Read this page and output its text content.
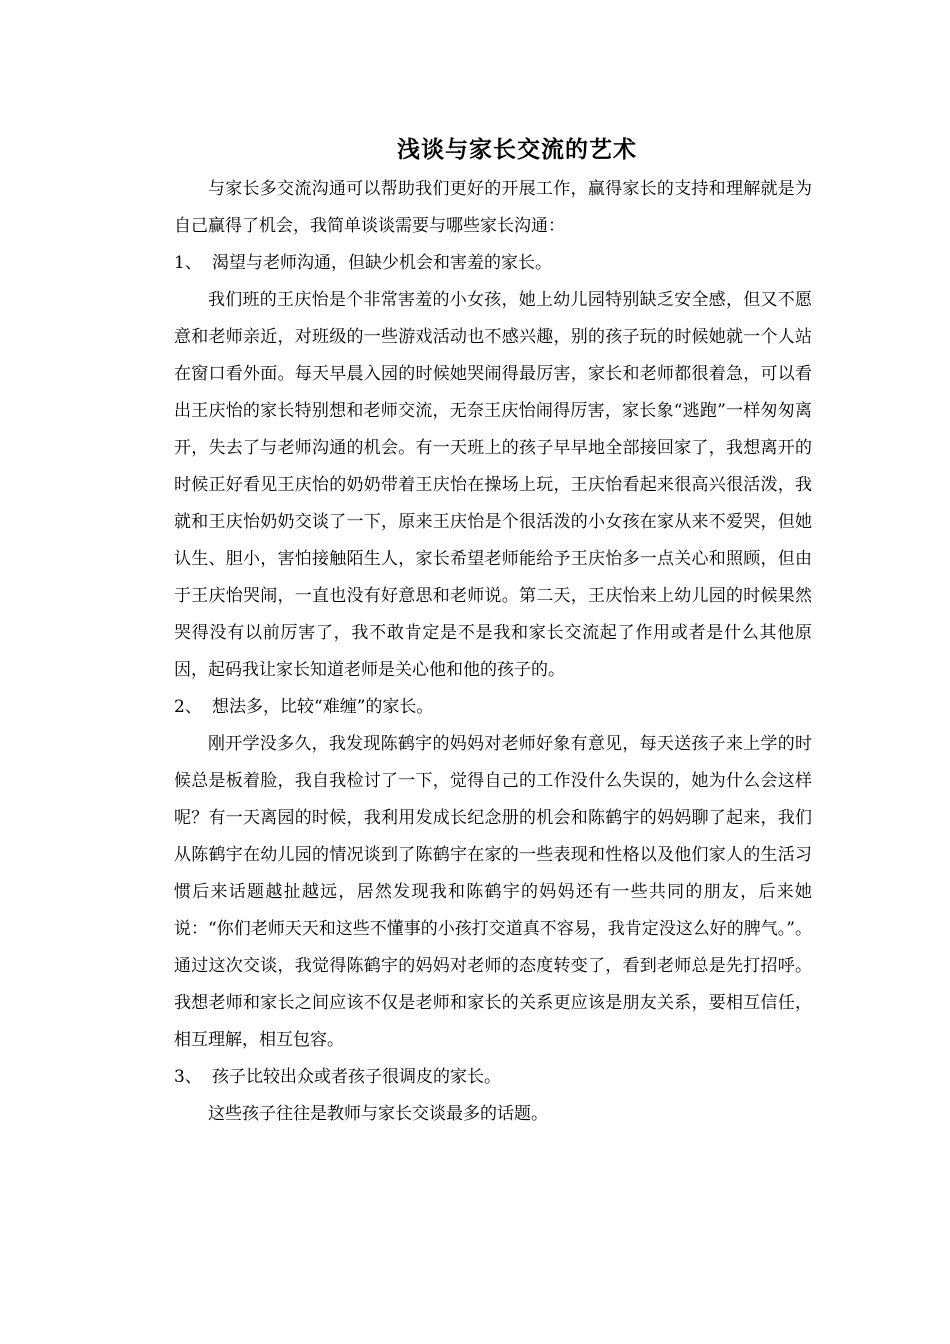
浅谈与家长交流的艺术

与家长多交流沟通可以帮助我们更好的开展工作，赢得家长的支持和理解就是为自己赢得了机会，我简单谈谈需要与哪些家长沟通：

1、 渴望与老师沟通，但缺少机会和害羞的家长。

我们班的王庆怡是个非常害羞的小女孩，她上幼儿园特别缺乏安全感，但又不愿意和老师亲近，对班级的一些游戏活动也不感兴趣，别的孩子玩的时候她就一个人站在窗口看外面。每天早晨入园的时候她哭闹得最厉害，家长和老师都很着急，可以看出王庆怡的家长特别想和老师交流，无奈王庆怡闹得厉害，家长象“逃跑”一样匆匆离开，失去了与老师沟通的机会。有一天班上的孩子早早地全部接回家了，我想离开的时候正好看见王庆怡的奶奶带着王庆怡在操场上玩，王庆怡看起来很高兴很活泼，我就和王庆怡奶奶交谈了一下，原来王庆怡是个很活泼的小女孩在家从来不爱哭，但她认生、胆小，害怕接触陌生人，家长希望老师能给予王庆怡多一点关心和照顾，但由于王庆怡哭闹，一直也没有好意思和老师说。第二天，王庆怡来上幼儿园的时候果然哭得没有以前厉害了，我不敢肯定是不是我和家长交流起了作用或者是什么其他原因，起码我让家长知道老师是关心他和他的孩子的。

2、 想法多，比较“难缠”的家长。

刚开学没多久，我发现陈鹤宇的妈妈对老师好象有意见，每天送孩子来上学的时候总是板着脸，我自我检讨了一下，觉得自己的工作没什么失误的，她为什么会这样呢？有一天离园的时候，我利用发成长纪念册的机会和陈鹤宇的妈妈聊了起来，我们从陈鹤宇在幼儿园的情况谈到了陈鹤宇在家的一些表现和性格以及他们家人的生活习惯后来话题越扯越远，居然发现我和陈鹤宇的妈妈还有一些共同的朋友，后来她说：“你们老师天天和这些不懂事的小孩打交道真不容易，我肯定没这么好的脾气。”。通过这次交谈，我觉得陈鹤宇的妈妈对老师的态度转变了，看到老师总是先打招呼。我想老师和家长之间应该不仅是老师和家长的关系更应该是朋友关系，要相互信任，相互理解，相互包容。

3、 孩子比较出众或者孩子很调皮的家长。

这些孩子往往是教师与家长交谈最多的话题。
